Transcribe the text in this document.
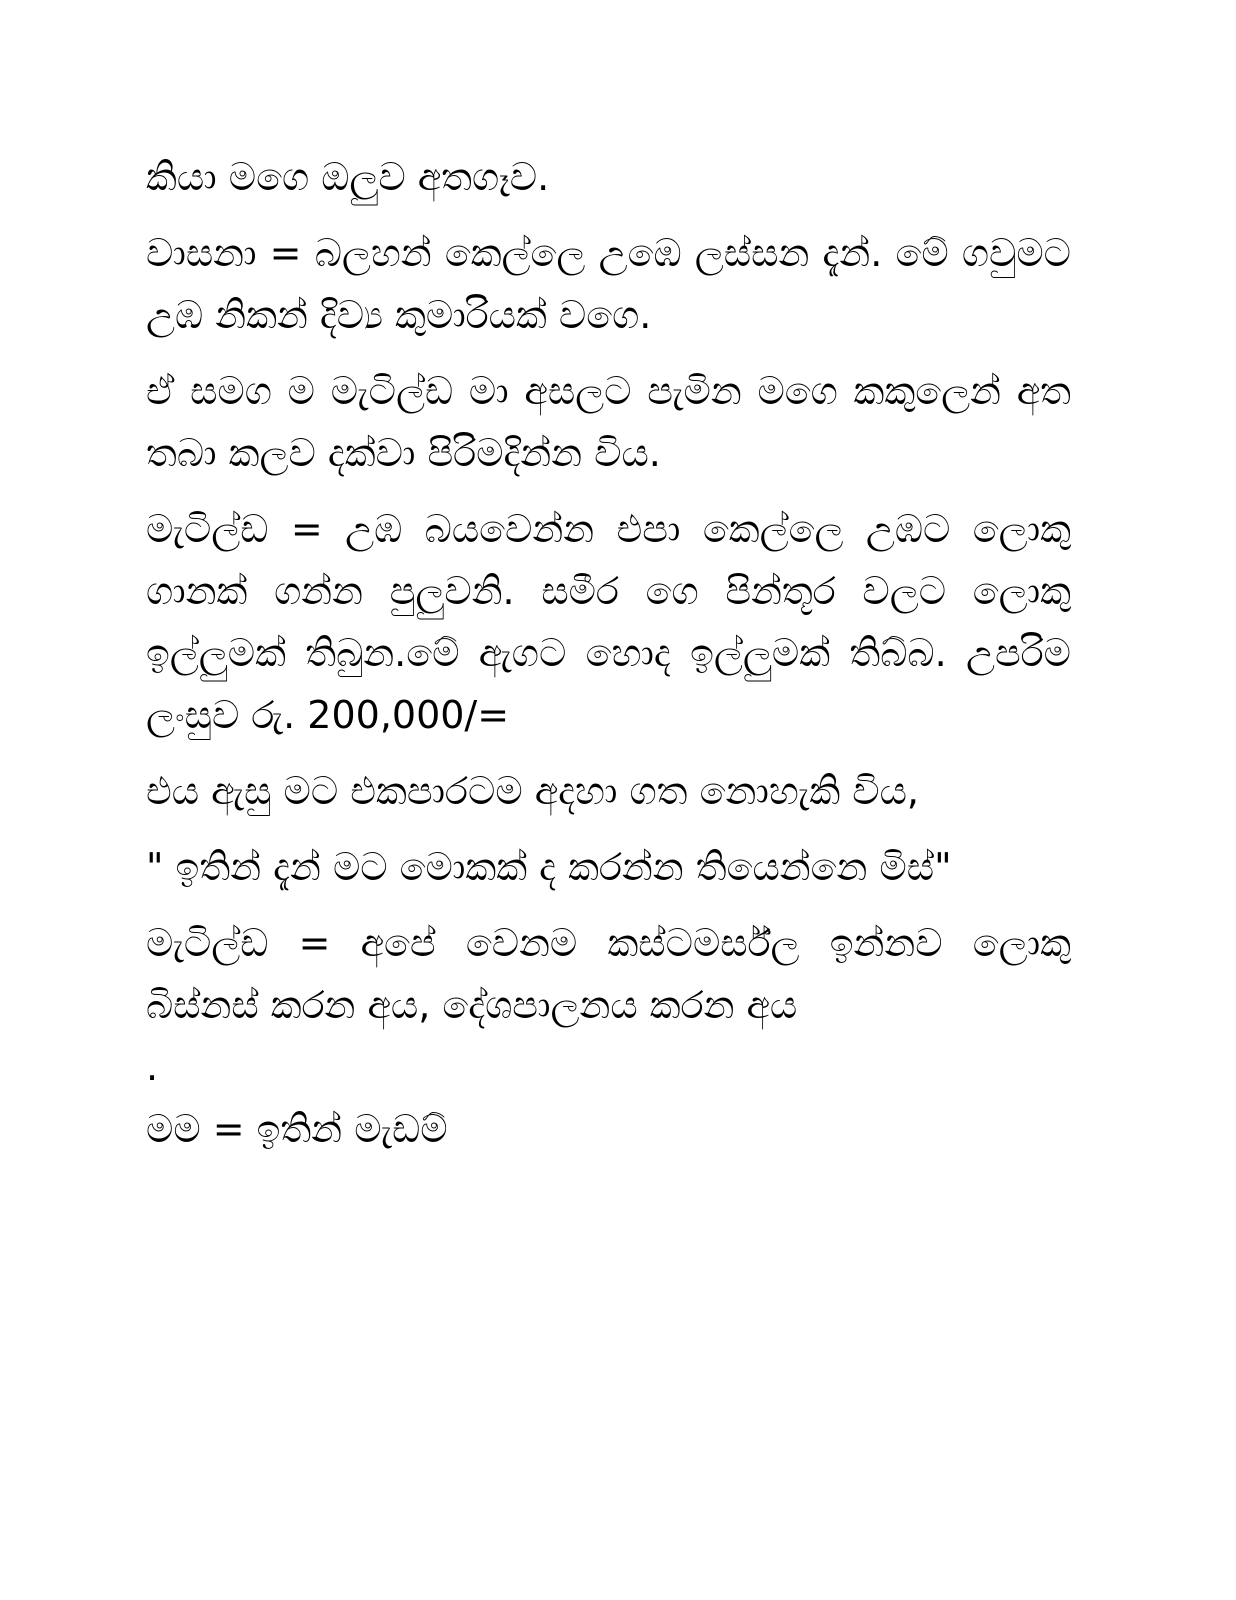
කියා මගෙ ඔලුව අතගෑව.

වාසනා = බලහන් කෙල්ලෙ උඹෙ ලස්සන දැන්. මේ ගවුමට උඹ නිකන් දිව්‍ය කුමාරියක් වගෙ.

ඒ සමග ම මැටිල්ඩ මා අසලට පැමින මගෙ කකුලෙන් අත තබා කලව දක්වා පිරිමදින්න විය.

මැටිල්ඩ = උඹ බයවෙන්න එපා කෙල්ලෙ උඹට ලොකු ගානක් ගන්න පුලුවනි. සමීර ගෙ පින්තූර වලට ලොකු ඉල්ලුමක් තිබුන.මේ ඇගට හොද ඉල්ලුමක් තිබ්බ. උපරිම ලංසුව රු. 200,000/=

එය ඇසු මට එකපාරටම අදහා ගත නොහැකි විය,

" ඉතින් දැන් මට මොකක් ද කරන්න තියෙන්නෙ මිස්"

මැටිල්ඩ = අපේ වෙනම කස්ටමර්ස්ල ඉන්නව ලොකු බිස්නස් කරන අය, දේශපාලනය කරන අය

.

මම = ඉතින් මැඩම්
